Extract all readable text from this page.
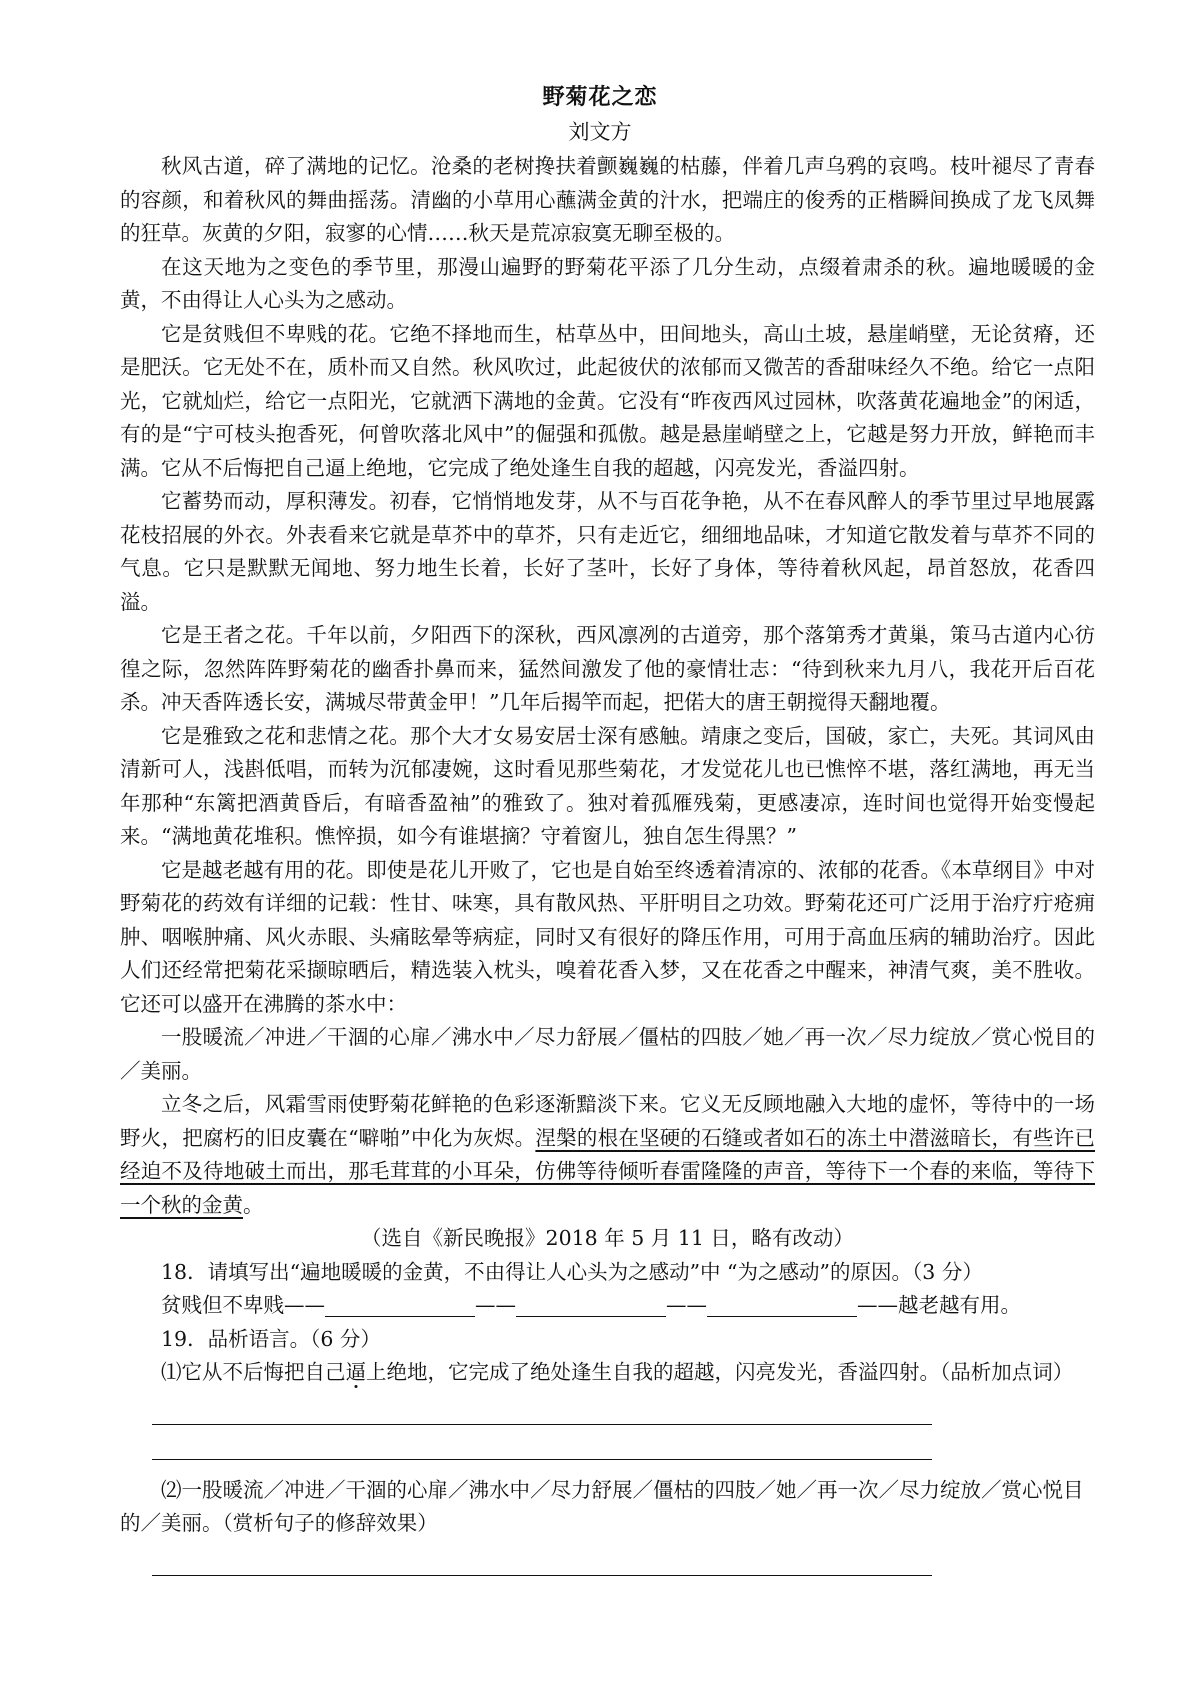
野菊花之恋
刘文方

秋风古道，碎了满地的记忆。沧桑的老树搀扶着颤巍巍的枯藤，伴着几声乌鸦的哀鸣。枝叶褪尽了青春的容颜，和着秋风的舞曲摇荡。清幽的小草用心蘸满金黄的汁水，把端庄的俊秀的正楷瞬间换成了龙飞凤舞的狂草。灰黄的夕阳，寂寥的心情……秋天是荒凉寂寞无聊至极的。

在这天地为之变色的季节里，那漫山遍野的野菊花平添了几分生动，点缀着肃杀的秋。遍地暖暖的金黄，不由得让人心头为之感动。

它是贫贱但不卑贱的花。它绝不择地而生，枯草丛中，田间地头，高山土坡，悬崖峭壁，无论贫瘠，还是肥沃。它无处不在，质朴而又自然。秋风吹过，此起彼伏的浓郁而又微苦的香甜味经久不绝。给它一点阳光，它就灿烂，给它一点阳光，它就洒下满地的金黄。它没有“昨夜西风过园林，吹落黄花遍地金”的闲适，有的是“宁可枝头抱香死，何曾吹落北风中”的倔强和孤傲。越是悬崖峭壁之上，它越是努力开放，鲜艳而丰满。它从不后悔把自己逼上绝地，它完成了绝处逢生自我的超越，闪亮发光，香溢四射。

它蓄势而动，厚积薄发。初春，它悄悄地发芽，从不与百花争艳，从不在春风醉人的季节里过早地展露花枝招展的外衣。外表看来它就是草芥中的草芥，只有走近它，细细地品味，才知道它散发着与草芥不同的气息。它只是默默无闻地、努力地生长着，长好了茎叶，长好了身体，等待着秋风起，昂首怒放，花香四溢。

它是王者之花。千年以前，夕阳西下的深秋，西风凛冽的古道旁，那个落第秀才黄巢，策马古道内心彷徨之际，忽然阵阵野菊花的幽香扑鼻而来，猛然间激发了他的豪情壮志：“待到秋来九月八，我花开后百花杀。冲天香阵透长安，满城尽带黄金甲！”几年后揭竿而起，把偌大的唐王朝搅得天翻地覆。

它是雅致之花和悲情之花。那个大才女易安居士深有感触。靖康之变后，国破，家亡，夫死。其词风由清新可人，浅斟低唱，而转为沉郁凄婉，这时看见那些菊花，才发觉花儿也已憔悴不堪，落红满地，再无当年那种“东篱把酒黄昏后，有暗香盈袖”的雅致了。独对着孤雁残菊，更感凄凉，连时间也觉得开始变慢起来。“满地黄花堆积。憔悴损，如今有谁堪摘？守着窗儿，独自怎生得黑？”

它是越老越有用的花。即使是花儿开败了，它也是自始至终透着清凉的、浓郁的花香。《本草纲目》中对野菊花的药效有详细的记载：性甘、味寒，具有散风热、平肝明目之功效。野菊花还可广泛用于治疗疔疮痈肿、咽喉肿痛、风火赤眼、头痛眩晕等病症，同时又有很好的降压作用，可用于高血压病的辅助治疗。因此人们还经常把菊花采撷晾晒后，精选装入枕头，嗅着花香入梦，又在花香之中醒来，神清气爽，美不胜收。它还可以盛开在沸腾的茶水中：

一股暖流／冲进／干涸的心扉／沸水中／尽力舒展／僵枯的四肢／她／再一次／尽力绽放／赏心悦目的／美丽。

立冬之后，风霜雪雨使野菊花鲜艳的色彩逐渐黯淡下来。它义无反顾地融入大地的虚怀，等待中的一场野火，把腐朽的旧皮囊在“噼啪”中化为灰烬。涅槃的根在坚硬的石缝或者如石的冻土中潜滋暗长，有些许已经迫不及待地破土而出，那毛茸茸的小耳朵，仿佛等待倾听春雷隆隆的声音，等待下一个春的来临，等待下一个秋的金黄。

（选自《新民晚报》2018 年 5 月 11 日，略有改动）

18．请填写出“遍地暖暖的金黄，不由得让人心头为之感动”中 “为之感动”的原因。（3 分）

贫贱但不卑贱——	——	——	——越老越有用。

19．品析语言。（6 分）

⑴它从不后悔把自己逼上绝地，它完成了绝处逢生自我的超越，闪亮发光，香溢四射。（品析加点词）

⑵一股暖流／冲进／干涸的心扉／沸水中／尽力舒展／僵枯的四肢／她／再一次／尽力绽放／赏心悦目的／美丽。（赏析句子的修辞效果）
